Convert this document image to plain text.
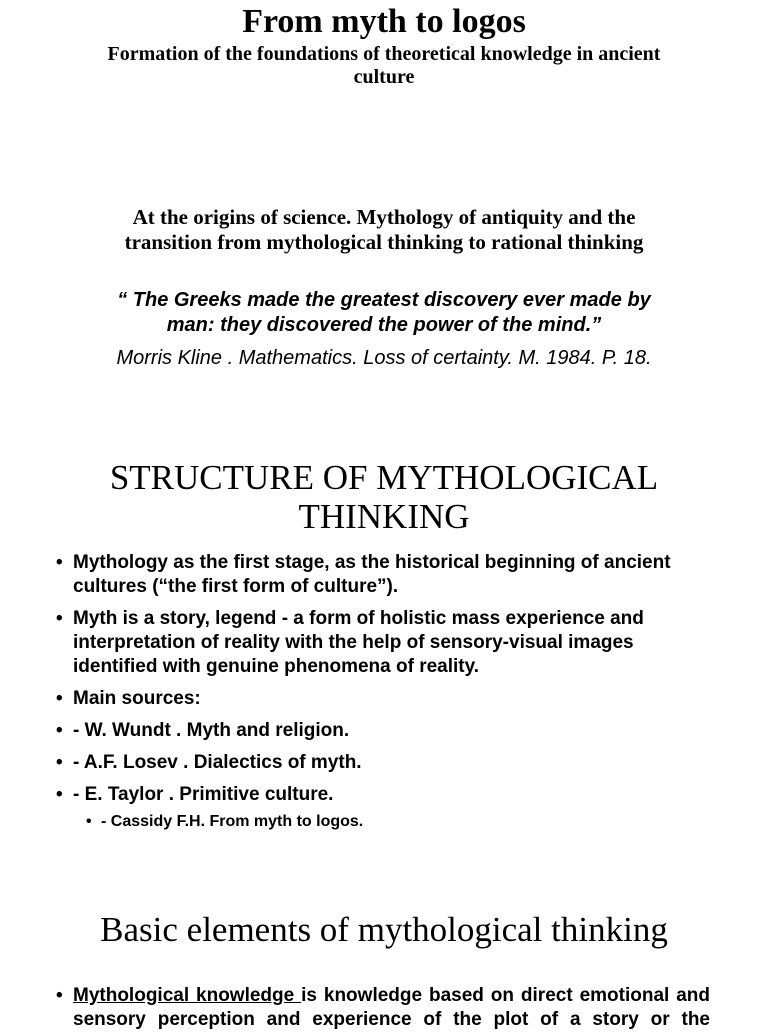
From myth to logos
Formation of the foundations of theoretical knowledge in ancient culture
At the origins of science. Mythology of antiquity and the transition from mythological thinking to rational thinking
“ The Greeks made the greatest discovery ever made by man: they discovered the power of the mind.”
Morris Kline . Mathematics. Loss of certainty. M. 1984. P. 18.
STRUCTURE OF MYTHOLOGICAL THINKING
• Mythology as the first stage, as the historical beginning of ancient cultures (“the first form of culture”).
• Myth is a story, legend - a form of holistic mass experience and interpretation of reality with the help of sensory-visual images identified with genuine phenomena of reality.
• Main sources:
• - W. Wundt . Myth and religion.
• - A.F. Losev . Dialectics of myth.
• - E. Taylor . Primitive culture.
• - Cassidy F.H. From myth to logos.
Basic elements of mythological thinking
• Mythological knowledge is knowledge based on direct emotional and sensory perception and experience of the plot of a story or the
